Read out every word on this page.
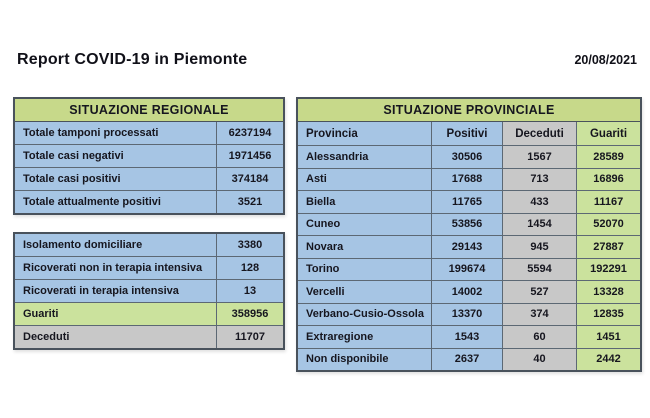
Report COVID-19 in Piemonte	20/08/2021
SITUAZIONE REGIONALE
Totale tamponi processati	6237194
Totale casi negativi	1971456
Totale casi positivi	374184
Totale attualmente positivi	3521
Isolamento domiciliare	3380
Ricoverati non in terapia intensiva	128
Ricoverati in terapia intensiva	13
Guariti	358956
Deceduti	11707
SITUAZIONE PROVINCIALE
Provincia	Positivi	Deceduti	Guariti
Alessandria	30506	1567	28589
Asti	17688	713	16896
Biella	11765	433	11167
Cuneo	53856	1454	52070
Novara	29143	945	27887
Torino	199674	5594	192291
Vercelli	14002	527	13328
Verbano-Cusio-Ossola	13370	374	12835
Extraregione	1543	60	1451
Non disponibile	2637	40	2442
